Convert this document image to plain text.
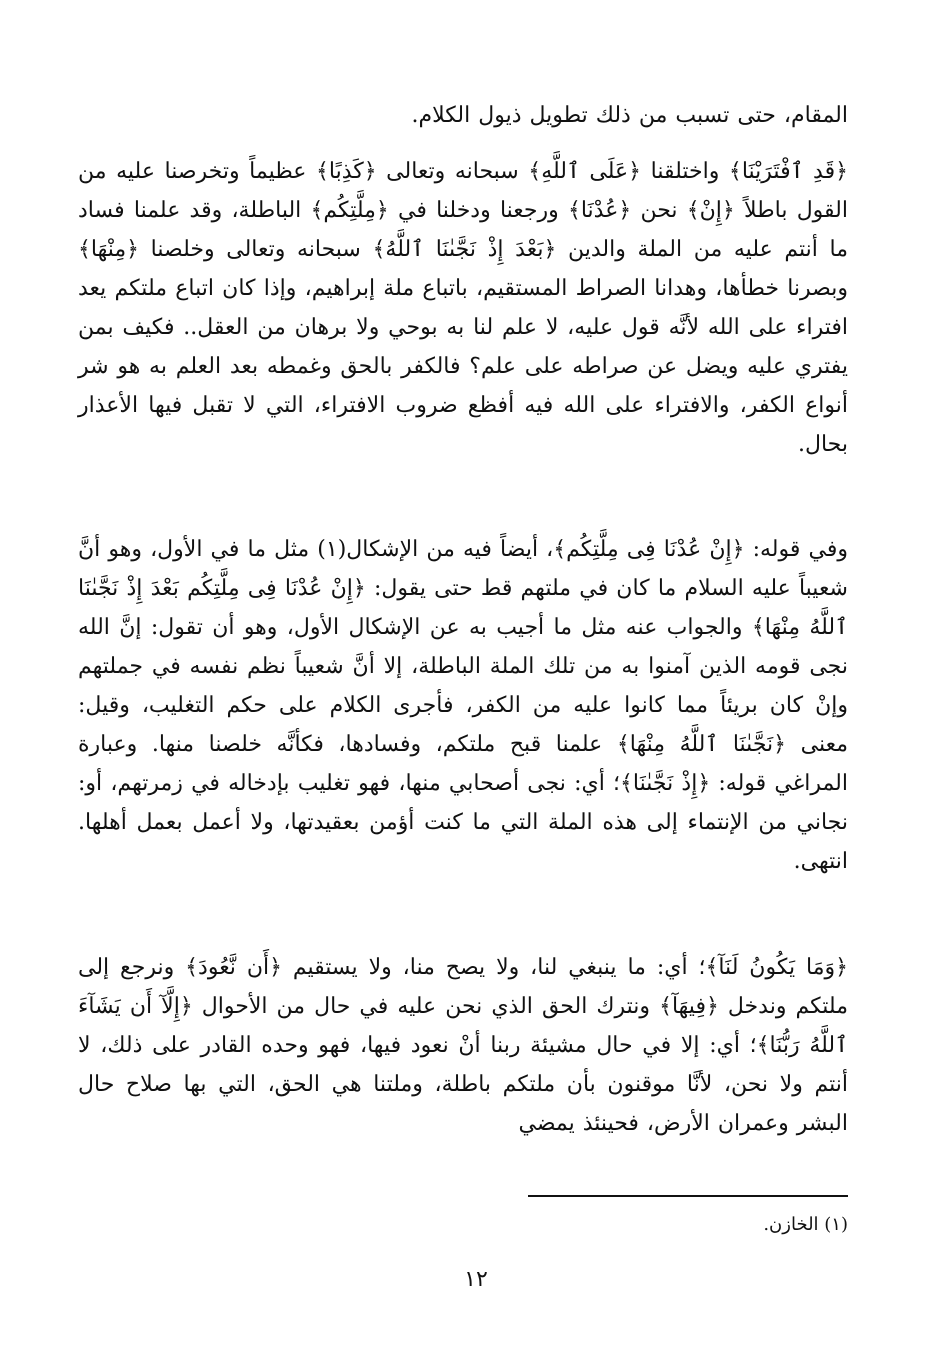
المقام، حتى تسبب من ذلك تطويل ذيول الكلام.

﴿قَدِ ٱفْتَرَيْنَا﴾ واختلقنا ﴿عَلَى ٱللَّهِ﴾ سبحانه وتعالى ﴿كَذِبًا﴾ عظيماً وتخرصنا عليه من القول باطلاً ﴿إِنْ﴾ نحن ﴿عُدْنَا﴾ ورجعنا ودخلنا في ﴿مِلَّتِكُم﴾ الباطلة، وقد علمنا فساد ما أنتم عليه من الملة والدين ﴿بَعْدَ إِذْ نَجَّىٰنَا ٱللَّهُ﴾ سبحانه وتعالى وخلصنا ﴿مِنْهَا﴾ وبصرنا خطأها، وهدانا الصراط المستقيم، باتباع ملة إبراهيم، وإذا كان اتباع ملتكم يعد افتراء على الله لأنَّه قول عليه، لا علم لنا به بوحي ولا برهان من العقل.. فكيف بمن يفتري عليه ويضل عن صراطه على علم؟ فالكفر بالحق وغمطه بعد العلم به هو شر أنواع الكفر، والافتراء على الله فيه أفظع ضروب الافتراء، التي لا تقبل فيها الأعذار بحال.

وفي قوله: ﴿إِنْ عُدْنَا فِى مِلَّتِكُم﴾، أيضاً فيه من الإشكال(١) مثل ما في الأول، وهو أنَّ شعيباً عليه السلام ما كان في ملتهم قط حتى يقول: ﴿إِنْ عُدْنَا فِى مِلَّتِكُم بَعْدَ إِذْ نَجَّىٰنَا ٱللَّهُ مِنْهَا﴾ والجواب عنه مثل ما أجيب به عن الإشكال الأول، وهو أن تقول: إنَّ الله نجى قومه الذين آمنوا به من تلك الملة الباطلة، إلا أنَّ شعيباً نظم نفسه في جملتهم وإنْ كان بريئاً مما كانوا عليه من الكفر، فأجرى الكلام على حكم التغليب، وقيل: معنى ﴿نَجَّىٰنَا ٱللَّهُ مِنْهَا﴾ علمنا قبح ملتكم، وفسادها، فكأنَّه خلصنا منها. وعبارة المراغي قوله: ﴿إِذْ نَجَّىٰنَا﴾؛ أي: نجى أصحابي منها، فهو تغليب بإدخاله في زمرتهم، أو: نجاني من الإنتماء إلى هذه الملة التي ما كنت أؤمن بعقيدتها، ولا أعمل بعمل أهلها. انتهى.

﴿وَمَا يَكُونُ لَنَآ﴾؛ أي: ما ينبغي لنا، ولا يصح منا، ولا يستقيم ﴿أَن نَّعُودَ﴾ ونرجع إلى ملتكم وندخل ﴿فِيهَآ﴾ ونترك الحق الذي نحن عليه في حال من الأحوال ﴿إِلَّآ أَن يَشَآءَ ٱللَّهُ رَبُّنَا﴾؛ أي: إلا في حال مشيئة ربنا أنْ نعود فيها، فهو وحده القادر على ذلك، لا أنتم ولا نحن، لأنَّا موقنون بأن ملتكم باطلة، وملتنا هي الحق، التي بها صلاح حال البشر وعمران الأرض، فحينئذ يمضي

(١) الخازن.
١٢
